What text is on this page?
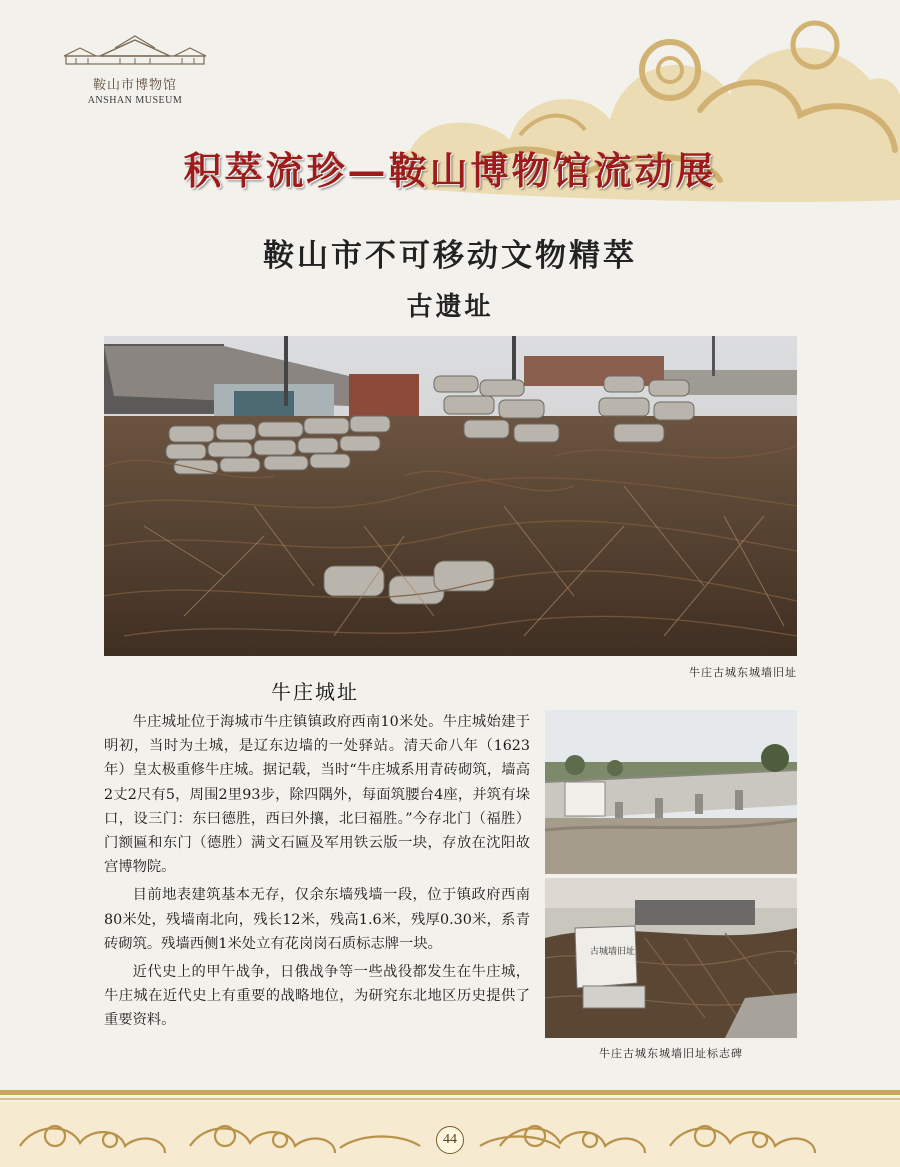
鞍山市博物馆
ANSHAN MUSEUM
积萃流珍—鞍山博物馆流动展
鞍山市不可移动文物精萃
古遗址
牛庄古城东城墙旧址
牛庄城址

牛庄城址位于海城市牛庄镇镇政府西南10米处。牛庄城始建于明初，当时为土城，是辽东边墙的一处驿站。清天命八年（1623年）皇太极重修牛庄城。据记载，当时“牛庄城系用青砖砌筑，墙高2丈2尺有5，周围2里93步，除四隅外，每面筑腰台4座，并筑有垛口，设三门：东曰德胜，西曰外攘，北曰福胜。”今存北门（福胜）门额匾和东门（德胜）满文石匾及军用铁云版一块，存放在沈阳故宫博物院。

目前地表建筑基本无存，仅余东墙残墙一段，位于镇政府西南80米处，残墙南北向，残长12米，残高1.6米，残厚0.30米，系青砖砌筑。残墙西侧1米处立有花岗岗石质标志牌一块。

近代史上的甲午战争，日俄战争等一些战役都发生在牛庄城，牛庄城在近代史上有重要的战略地位，为研究东北地区历史提供了重要资料。

古城墙旧址
牛庄古城东城墙旧址标志碑
44
